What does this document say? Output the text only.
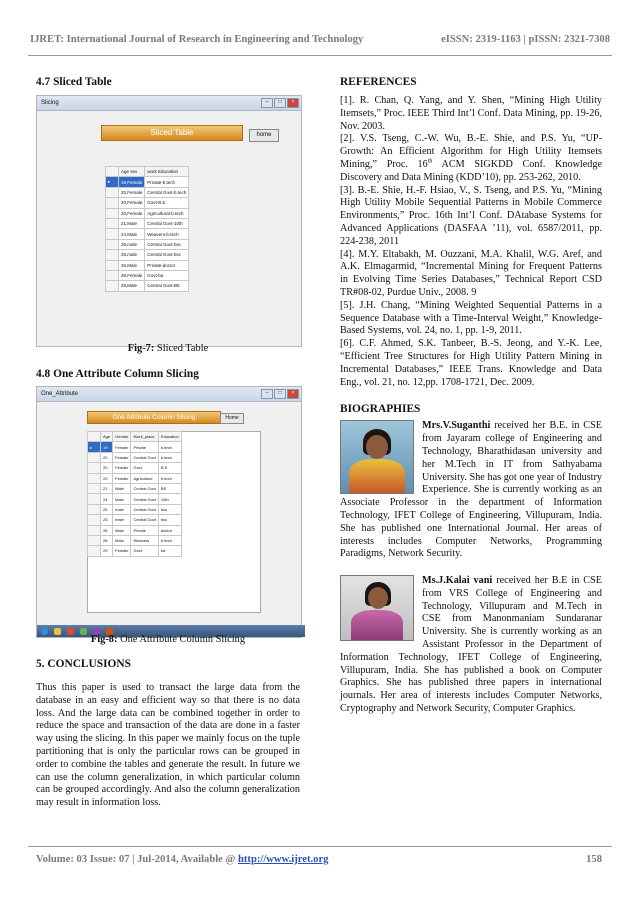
IJRET: International Journal of Research in Engineering and Technology	eISSN: 2319-1163 | pISSN: 2321-7308
4.7 Sliced Table
Slicing	–	□	×
Sliced Table	home
	Age sex	work Education
▸	19,Female	Private-b.tech
	20,Female	Central Govt-b.tech
	20,Female	Govt-B.E
	20,Female	Agricultural-b.tech
	21,Male	Central Govt-10th
	24,Male	Weavers-b.tech
	25,male	Central Govt-bsc
	25,male	Central Govt-bsc
	26,Male	Private-doctor
	28,Female	Govt-ba
	29,Male	Central Govt-BE
Fig-7: Sliced Table
4.8 One Attribute Column Slicing
One_Attribute	–	□	×
One Attribute Column Slicing	Home
	Age	Gender	Work_place	Education
▸	19	Female	Private	b.tech
	20	Female	Central Govt	b.tech
	20	Female	Govt	B.E
	20	Female	Agriculture	b.tech
	21	Male	Central Govt	BE
	24	Male	Central Govt	10th
	25	male	Central Govt	bsc
	25	male	Central Govt	bsc
	26	Male	Private	doctor
	28	Male	Weavers	b.tech
	29	Female	Govt	ba
Fig-8: One Attribute Column Slicing
5. CONCLUSIONS

Thus this paper is used to transact the large data from the database in an easy and efficient way so that there is no data loss. And the large data can be combined together in order to reduce the space and transaction of the data are done in a faster way using the slicing. In this paper we mainly focus on the tuple partitioning that is only the particular rows can be grouped in order to combine the tables and generate the result. In future we can use the column generalization, in which particular column can be grouped accordingly. And also the column generalization may result in information loss.

REFERENCES
[1]. R. Chan, Q. Yang, and Y. Shen, “Mining High Utility Itemsets,” Proc. IEEE Third Int’l Conf. Data Mining, pp. 19-26, Nov. 2003.
[2]. V.S. Tseng, C.-W. Wu, B.-E. Shie, and P.S. Yu, “UP-Growth: An Efficient Algorithm for High Utility Itemsets Mining,” Proc. 16th ACM SIGKDD Conf. Knowledge Discovery and Data Mining (KDD’10), pp. 253-262, 2010.
[3]. B.-E. Shie, H.-F. Hsiao, V., S. Tseng, and P.S. Yu, “Mining High Utility Mobile Sequential Patterns in Mobile Commerce Environments,” Proc. 16th Int’l Conf. DAtabase Systems for Advanced Applications (DASFAA ’11), vol. 6587/2011, pp. 224-238, 2011
[4]. M.Y. Eltabakh, M. Ouzzani, M.A. Khalil, W.G. Aref, and A.K. Elmagarmid, “Incremental Mining for Frequent Patterns in Evolving Time Series Databases,” Technical Report CSD TR#08-02, Purdue Univ., 2008. 9
[5]. J.H. Chang, “Mining Weighted Sequential Patterns in a Sequence Database with a Time-Interval Weight,” Knowledge-Based Systems, vol. 24, no. 1, pp. 1-9, 2011.
[6]. C.F. Ahmed, S.K. Tanbeer, B.-S. Jeong, and Y.-K. Lee, “Efficient Tree Structures for High Utility Pattern Mining in Incremental Databases,” IEEE Trans. Knowledge and Data Eng., vol. 21, no. 12,pp. 1708-1721, Dec. 2009.
BIOGRAPHIES

Mrs.V.Suganthi received her B.E. in CSE from Jayaram college of Engineering and Technology, Bharathidasan university and her M.Tech in IT from Sathyabama University. She has got one year of Industry Experience. She is currently working as an Associate Professor in the department of Information Technology, IFET College of Engineering, Villupuram, India. She has published one International Journal. Her areas of interests includes Computer Networks, Programming Paradigms, Network Security.

Ms.J.Kalai vani received her B.E in CSE from VRS College of Engineering and Technology, Villupuram and M.Tech in CSE from Manonmaniam Sundaranar University. She is currently working as an Assistant Professor in the Department of Information Technology, IFET College of Engineering, Villupuram, India. She has published a book on Computer Graphics. She has published three papers in international journals. Her area of interests includes Computer Networks, Cryptography and Network Security, Computer Graphics.

Volume: 03 Issue: 07 | Jul-2014, Available @ http://www.ijret.org	158
